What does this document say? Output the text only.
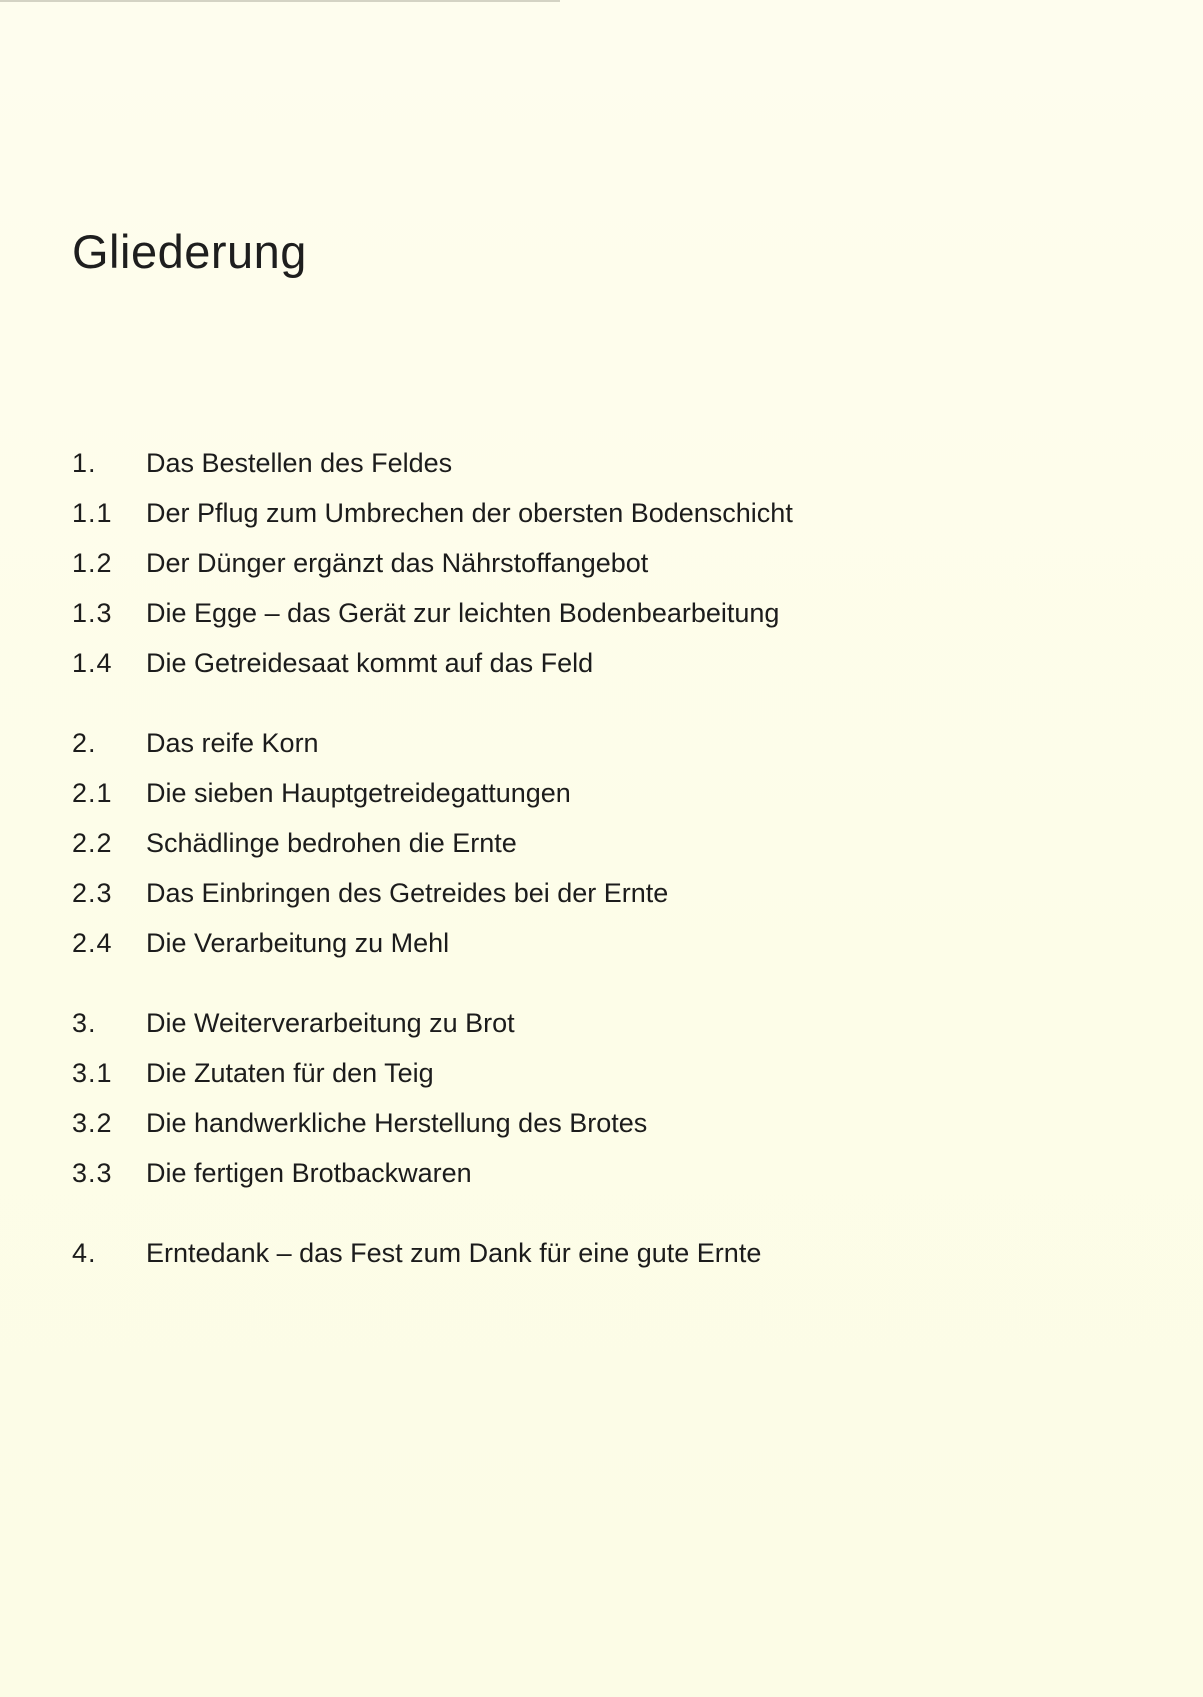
Gliederung
1.	Das Bestellen des Feldes
1.1	Der Pflug zum Umbrechen der obersten Bodenschicht
1.2	Der Dünger ergänzt das Nährstoffangebot
1.3	Die Egge – das Gerät zur leichten Bodenbearbeitung
1.4	Die Getreidesaat kommt auf das Feld
2.	Das reife Korn
2.1	Die sieben Hauptgetreidegattungen
2.2	Schädlinge bedrohen die Ernte
2.3	Das Einbringen des Getreides bei der Ernte
2.4	Die Verarbeitung zu Mehl
3.	Die Weiterverarbeitung zu Brot
3.1	Die Zutaten für den Teig
3.2	Die handwerkliche Herstellung des Brotes
3.3	Die fertigen Brotbackwaren
4.	Erntedank – das Fest zum Dank für eine gute Ernte
